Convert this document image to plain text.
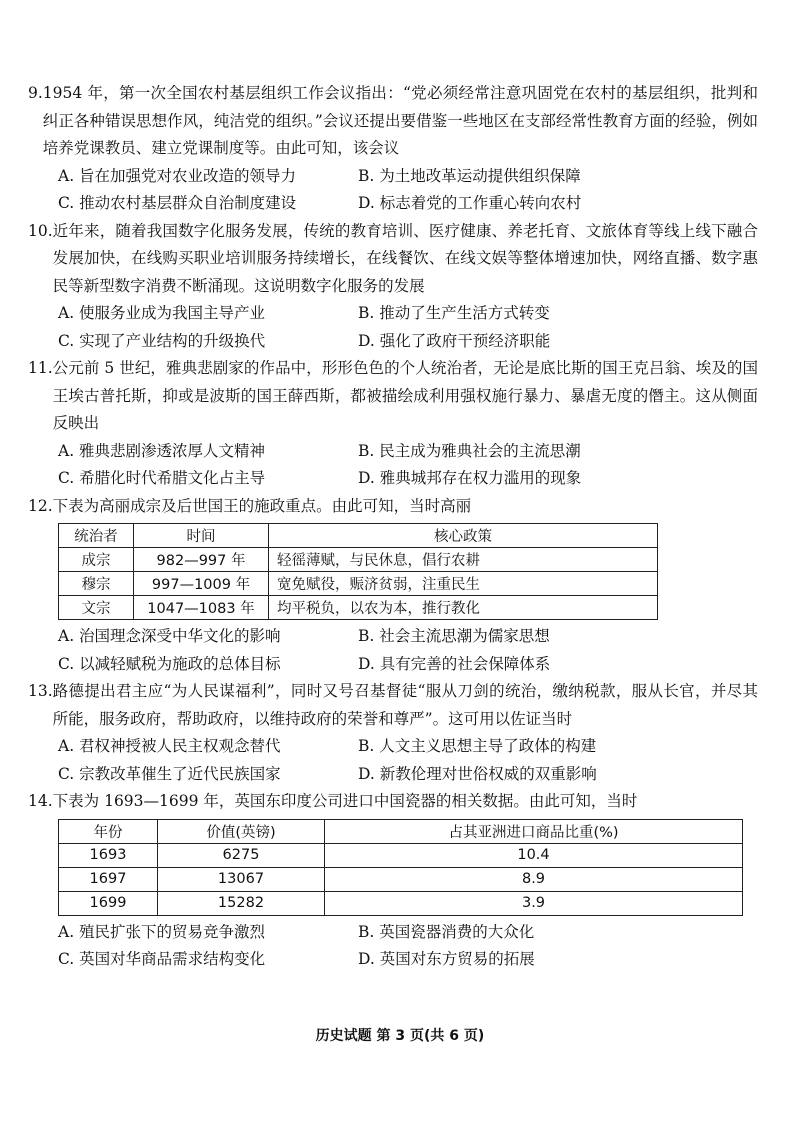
9. 1954 年，第一次全国农村基层组织工作会议指出：“党必须经常注意巩固党在农村的基层组织，批判和纠正各种错误思想作风，纯洁党的组织。”会议还提出要借鉴一些地区在支部经常性教育方面的经验，例如培养党课教员、建立党课制度等。由此可知，该会议
A. 旨在加强党对农业改造的领导力	B. 为土地改革运动提供组织保障
C. 推动农村基层群众自治制度建设	D. 标志着党的工作重心转向农村
10. 近年来，随着我国数字化服务发展，传统的教育培训、医疗健康、养老托育、文旅体育等线上线下融合发展加快，在线购买职业培训服务持续增长，在线餐饮、在线文娱等整体增速加快，网络直播、数字惠民等新型数字消费不断涌现。这说明数字化服务的发展
A. 使服务业成为我国主导产业	B. 推动了生产生活方式转变
C. 实现了产业结构的升级换代	D. 强化了政府干预经济职能
11. 公元前 5 世纪，雅典悲剧家的作品中，形形色色的个人统治者，无论是底比斯的国王克吕翁、埃及的国王埃古普托斯，抑或是波斯的国王薛西斯，都被描绘成利用强权施行暴力、暴虐无度的僭主。这从侧面反映出
A. 雅典悲剧渗透浓厚人文精神	B. 民主成为雅典社会的主流思潮
C. 希腊化时代希腊文化占主导	D. 雅典城邦存在权力滥用的现象
12. 下表为高丽成宗及后世国王的施政重点。由此可知，当时高丽
统治者	时间	核心政策
成宗	982—997 年	轻徭薄赋，与民休息，倡行农耕
穆宗	997—1009 年	宽免赋役，赈济贫弱，注重民生
文宗	1047—1083 年	均平税负，以农为本，推行教化
A. 治国理念深受中华文化的影响	B. 社会主流思潮为儒家思想
C. 以减轻赋税为施政的总体目标	D. 具有完善的社会保障体系
13. 路德提出君主应“为人民谋福利”，同时又号召基督徒“服从刀剑的统治，缴纳税款，服从长官，并尽其所能，服务政府，帮助政府，以维持政府的荣誉和尊严”。这可用以佐证当时
A. 君权神授被人民主权观念替代	B. 人文主义思想主导了政体的构建
C. 宗教改革催生了近代民族国家	D. 新教伦理对世俗权威的双重影响
14. 下表为 1693—1699 年，英国东印度公司进口中国瓷器的相关数据。由此可知，当时
年份	价值(英镑)	占其亚洲进口商品比重(%)
1693	6275	10.4
1697	13067	8.9
1699	15282	3.9
A. 殖民扩张下的贸易竞争激烈	B. 英国瓷器消费的大众化
C. 英国对华商品需求结构变化	D. 英国对东方贸易的拓展
历史试题 第 3 页(共 6 页)
